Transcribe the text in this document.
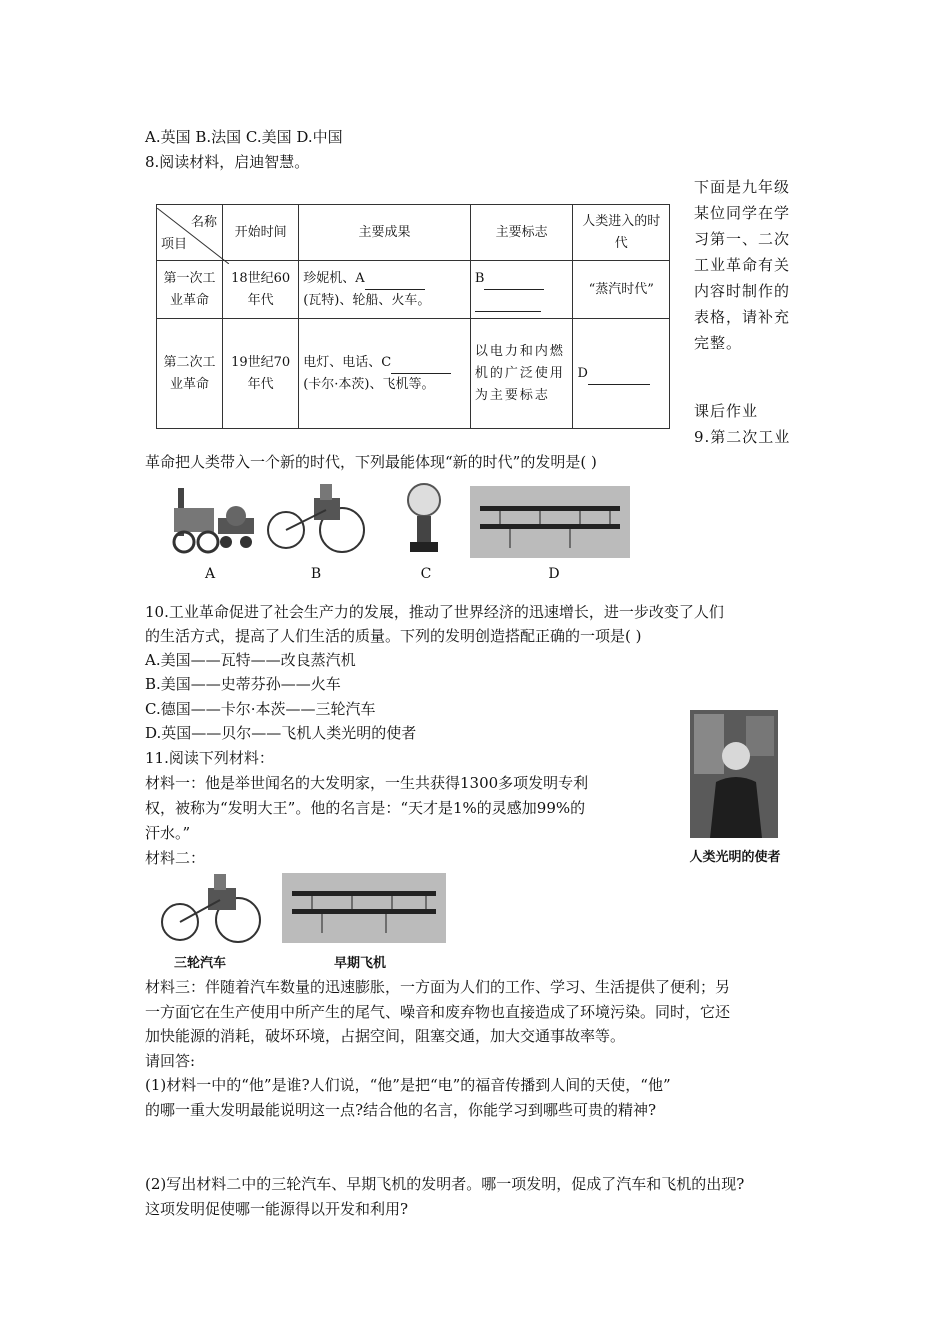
A.英国 B.法国 C.美国 D.中国
8.阅读材料，启迪智慧。
下面是九年级
某位同学在学
习第一、二次
工业革命有关
内容时制作的
表格，请补充
完整。
名称
项目	开始时间	主要成果	主要标志	人类进入的时代
第一次工业革命	18世纪60年代	珍妮机、A
(瓦特)、轮船、火车。	B	“蒸汽时代”
第二次工业革命	19世纪70年代	电灯、电话、C
(卡尔·本茨)、飞机等。	以电力和内燃机的广泛使用为主要标志	D
课后作业
9.第二次工业
革命把人类带入一个新的时代，下列最能体现“新的时代”的发明是( )
A	B	C	D
10.工业革命促进了社会生产力的发展，推动了世界经济的迅速增长，进一步改变了人们
的生活方式，提高了人们生活的质量。下列的发明创造搭配正确的一项是( )
A.美国——瓦特——改良蒸汽机
B.美国——史蒂芬孙——火车
C.德国——卡尔·本茨——三轮汽车
D.英国——贝尔——飞机人类光明的使者
11.阅读下列材料：
材料一：他是举世闻名的大发明家，一生共获得1300多项发明专利
权，被称为“发明大王”。他的名言是：“天才是1%的灵感加99%的
汗水。”
人类光明的使者
材料二：
三轮汽车	早期飞机
材料三：伴随着汽车数量的迅速膨胀，一方面为人们的工作、学习、生活提供了便利；另
一方面它在生产使用中所产生的尾气、噪音和废弃物也直接造成了环境污染。同时，它还
加快能源的消耗，破坏环境，占据空间，阻塞交通，加大交通事故率等。
请回答:
(1)材料一中的“他”是谁?人们说，“他”是把“电”的福音传播到人间的天使，“他”
的哪一重大发明最能说明这一点?结合他的名言，你能学习到哪些可贵的精神?
(2)写出材料二中的三轮汽车、早期飞机的发明者。哪一项发明，促成了汽车和飞机的出现?
这项发明促使哪一能源得以开发和利用?
